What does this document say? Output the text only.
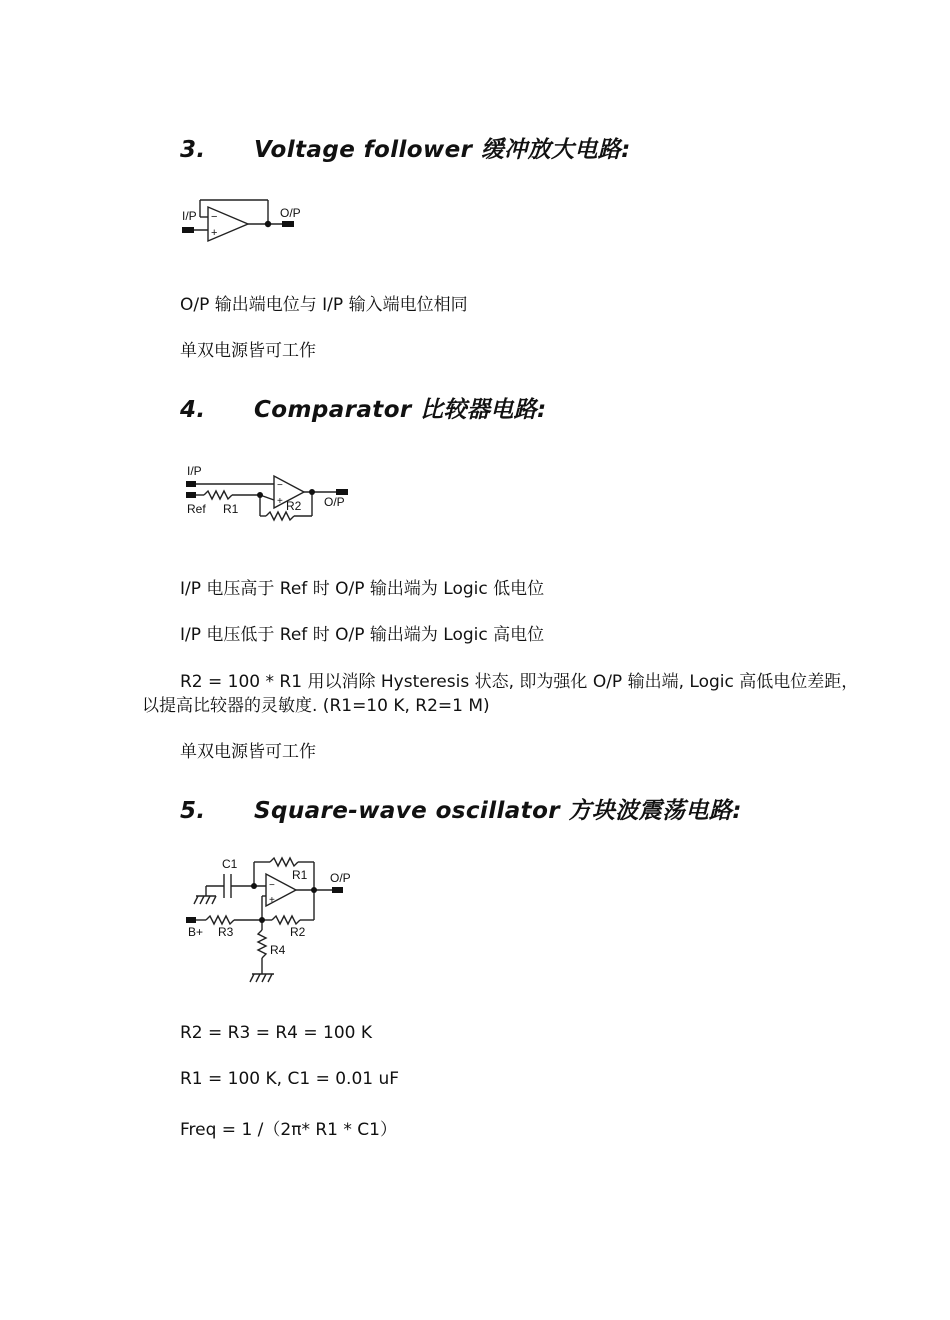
3. Voltage follower 缓冲放大电路:
−
+
I/P	O/P
O/P 输出端电位与 I/P 输入端电位相同
单双电源皆可工作
4. Comparator 比较器电路:
−
+
I/P
Ref R1	R2 O/P
I/P 电压高于 Ref 时 O/P 输出端为 Logic 低电位
I/P 电压低于 Ref 时 O/P 输出端为 Logic 高电位
R2 = 100 * R1 用以消除 Hysteresis 状态, 即为强化 O/P 输出端, Logic 高低电位差距，
以提高比较器的灵敏度. (R1=10 K, R2=1 M)
单双电源皆可工作
5. Square-wave oscillator 方块波震荡电路:
−
+
C1
R1 O/P
B+ R3	R2
R4
R2 = R3 = R4 = 100 K
R1 = 100 K, C1 = 0.01 uF
Freq = 1 /（2π* R1 * C1）
